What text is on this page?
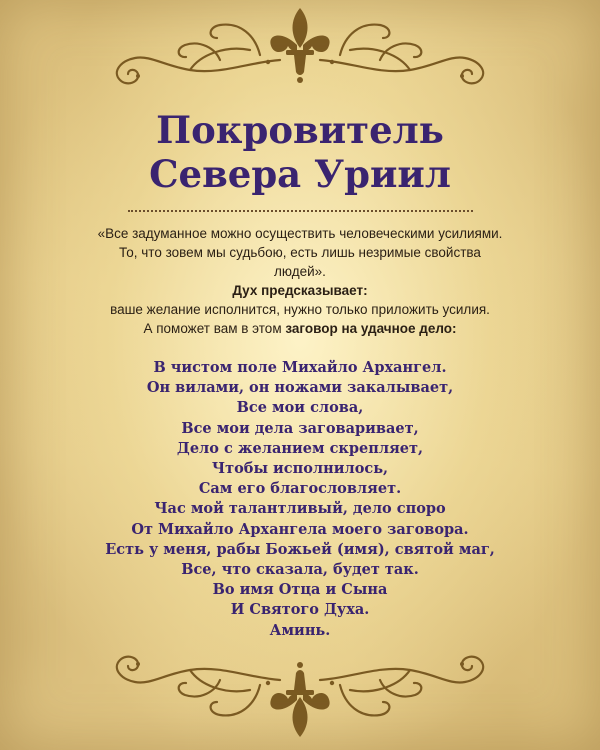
Покровитель
Севера Уриил

«Все задуманное можно осуществить человеческими усилиями. То, что зовем мы судьбою, есть лишь незримые свойства людей».

Дух предсказывает:

ваше желание исполнится, нужно только приложить усилия.

А поможет вам в этом заговор на удачное дело:

В чистом поле Михайло Архангел.
Он вилами, он ножами закалывает,
Все мои слова,
Все мои дела заговаривает,
Дело с желанием скрепляет,
Чтобы исполнилось,
Сам его благословляет.
Час мой талантливый, дело споро
От Михайло Архангела моего заговора.
Есть у меня, рабы Божьей (имя), святой маг,
Все, что сказала, будет так.
Во имя Отца и Сына
И Святого Духа.
Аминь.
